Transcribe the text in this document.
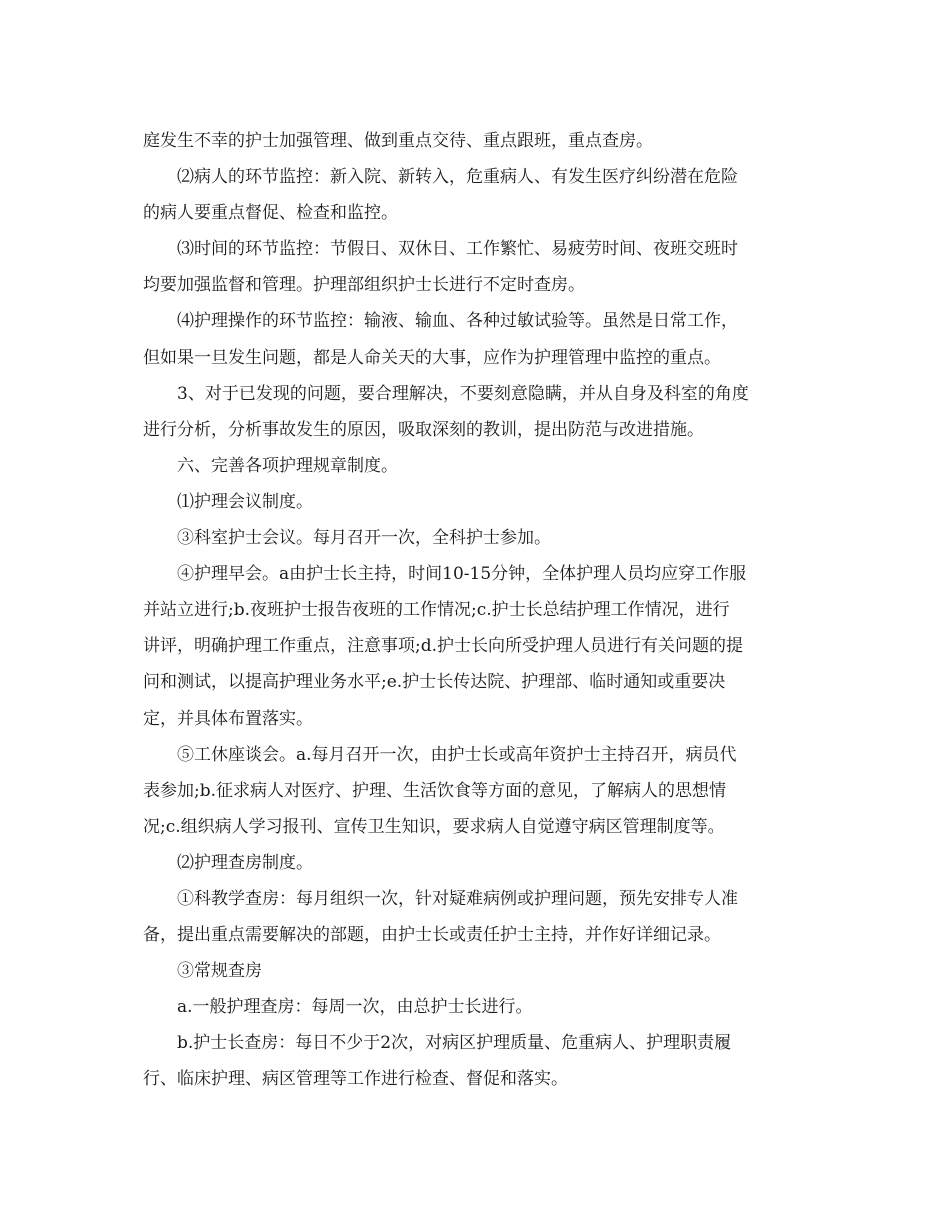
庭发生不幸的护士加强管理、做到重点交待、重点跟班，重点查房。

⑵病人的环节监控：新入院、新转入，危重病人、有发生医疗纠纷潜在危险

的病人要重点督促、检查和监控。

⑶时间的环节监控：节假日、双休日、工作繁忙、易疲劳时间、夜班交班时

均要加强监督和管理。护理部组织护士长进行不定时查房。

⑷护理操作的环节监控：输液、输血、各种过敏试验等。虽然是日常工作，

但如果一旦发生问题，都是人命关天的大事，应作为护理管理中监控的重点。

3、对于已发现的问题，要合理解决，不要刻意隐瞒，并从自身及科室的角度

进行分析，分析事故发生的原因，吸取深刻的教训，提出防范与改进措施。

六、完善各项护理规章制度。

⑴护理会议制度。

③科室护士会议。每月召开一次，全科护士参加。

④护理早会。a由护士长主持，时间10-15分钟，全体护理人员均应穿工作服

并站立进行;b.夜班护士报告夜班的工作情况;c.护士长总结护理工作情况，进行

讲评，明确护理工作重点，注意事项;d.护士长向所受护理人员进行有关问题的提

问和测试，以提高护理业务水平;e.护士长传达院、护理部、临时通知或重要决

定，并具体布置落实。

⑤工休座谈会。a.每月召开一次，由护士长或高年资护士主持召开，病员代

表参加;b.征求病人对医疗、护理、生活饮食等方面的意见，了解病人的思想情

况;c.组织病人学习报刊、宣传卫生知识，要求病人自觉遵守病区管理制度等。

⑵护理查房制度。

①科教学查房：每月组织一次，针对疑难病例或护理问题，预先安排专人准

备，提出重点需要解决的部题，由护士长或责任护士主持，并作好详细记录。

③常规查房

a.一般护理查房：每周一次，由总护士长进行。

b.护士长查房：每日不少于2次，对病区护理质量、危重病人、护理职责履

行、临床护理、病区管理等工作进行检查、督促和落实。
